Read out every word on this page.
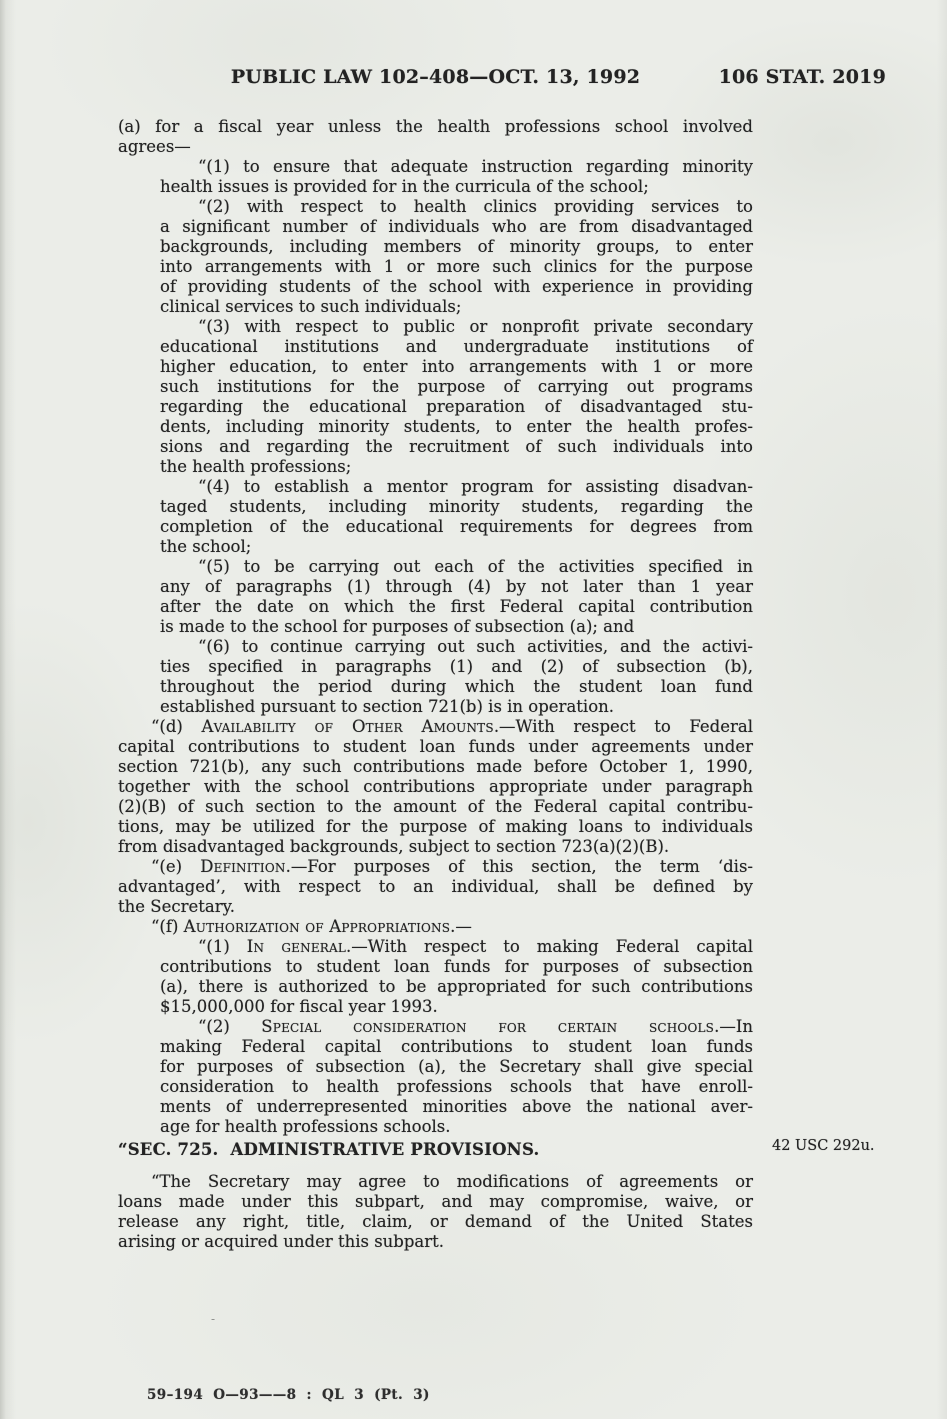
PUBLIC LAW 102–408—OCT. 13, 1992	106 STAT. 2019
(a) for a fiscal year unless the health professions school involved
agrees—
“(1) to ensure that adequate instruction regarding minority
health issues is provided for in the curricula of the school;
“(2) with respect to health clinics providing services to
a significant number of individuals who are from disadvantaged
backgrounds, including members of minority groups, to enter
into arrangements with 1 or more such clinics for the purpose
of providing students of the school with experience in providing
clinical services to such individuals;
“(3) with respect to public or nonprofit private secondary
educational institutions and undergraduate institutions of
higher education, to enter into arrangements with 1 or more
such institutions for the purpose of carrying out programs
regarding the educational preparation of disadvantaged stu-
dents, including minority students, to enter the health profes-
sions and regarding the recruitment of such individuals into
the health professions;
“(4) to establish a mentor program for assisting disadvan-
taged students, including minority students, regarding the
completion of the educational requirements for degrees from
the school;
“(5) to be carrying out each of the activities specified in
any of paragraphs (1) through (4) by not later than 1 year
after the date on which the first Federal capital contribution
is made to the school for purposes of subsection (a); and
“(6) to continue carrying out such activities, and the activi-
ties specified in paragraphs (1) and (2) of subsection (b),
throughout the period during which the student loan fund
established pursuant to section 721(b) is in operation.
“(d) Availability of Other Amounts.—With respect to Federal
capital contributions to student loan funds under agreements under
section 721(b), any such contributions made before October 1, 1990,
together with the school contributions appropriate under paragraph
(2)(B) of such section to the amount of the Federal capital contribu-
tions, may be utilized for the purpose of making loans to individuals
from disadvantaged backgrounds, subject to section 723(a)(2)(B).
“(e) Definition.—For purposes of this section, the term ‘dis-
advantaged’, with respect to an individual, shall be defined by
the Secretary.
“(f) Authorization of Appropriations.—
“(1) In general.—With respect to making Federal capital
contributions to student loan funds for purposes of subsection
(a), there is authorized to be appropriated for such contributions
$15,000,000 for fiscal year 1993.
“(2) Special consideration for certain schools.—In
making Federal capital contributions to student loan funds
for purposes of subsection (a), the Secretary shall give special
consideration to health professions schools that have enroll-
ments of underrepresented minorities above the national aver-
age for health professions schools.
“SEC. 725. ADMINISTRATIVE PROVISIONS.	42 USC 292u.
“The Secretary may agree to modifications of agreements or
loans made under this subpart, and may compromise, waive, or
release any right, title, claim, or demand of the United States
arising or acquired under this subpart.
-
59–194 O—93——8 : QL 3 (Pt. 3)
